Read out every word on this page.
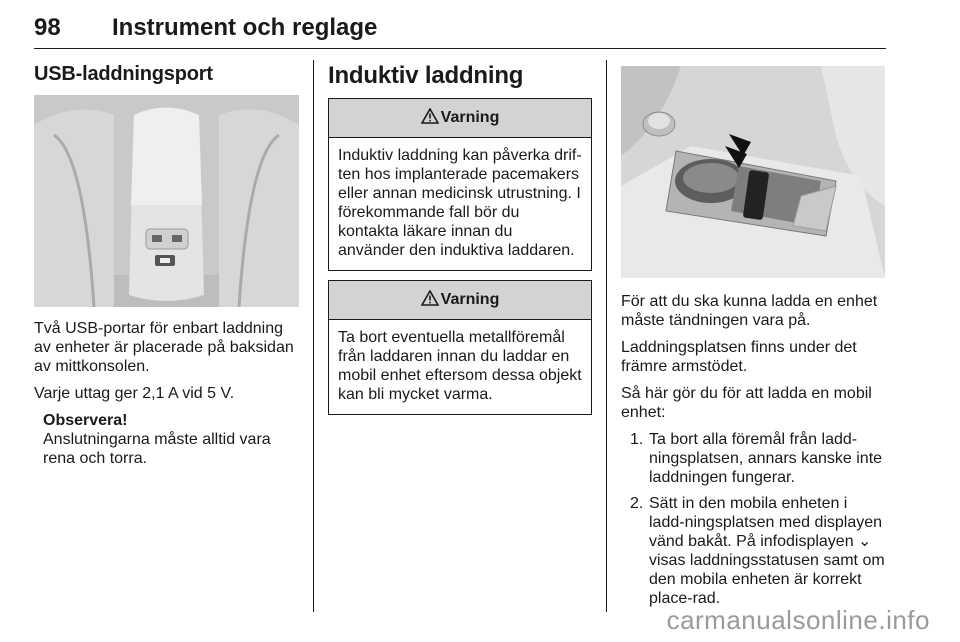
98 Instrument och reglage
USB-laddningsport

Två USB-portar för enbart laddning av enheter är placerade på baksidan av mittkonsolen.

Varje uttag ger 2,1 A vid 5 V.

Observera!
Anslutningarna måste alltid vara rena och torra.
Induktiv laddning
Varning
Induktiv laddning kan påverka drif-ten hos implanterade pacemakers eller annan medicinsk utrustning. I förekommande fall bör du kontakta läkare innan du använder den induktiva laddaren.
Varning
Ta bort eventuella metallföremål från laddaren innan du laddar en mobil enhet eftersom dessa objekt kan bli mycket varma.

För att du ska kunna ladda en enhet måste tändningen vara på.

Laddningsplatsen finns under det främre armstödet.

Så här gör du för att ladda en mobil enhet:

1. Ta bort alla föremål från ladd-ningsplatsen, annars kanske inte laddningen fungerar.
2. Sätt in den mobila enheten i ladd-ningsplatsen med displayen vänd bakåt. På infodisplayen ⌄ visas laddningsstatusen samt om den mobila enheten är korrekt place-rad.
carmanualsonline.info
